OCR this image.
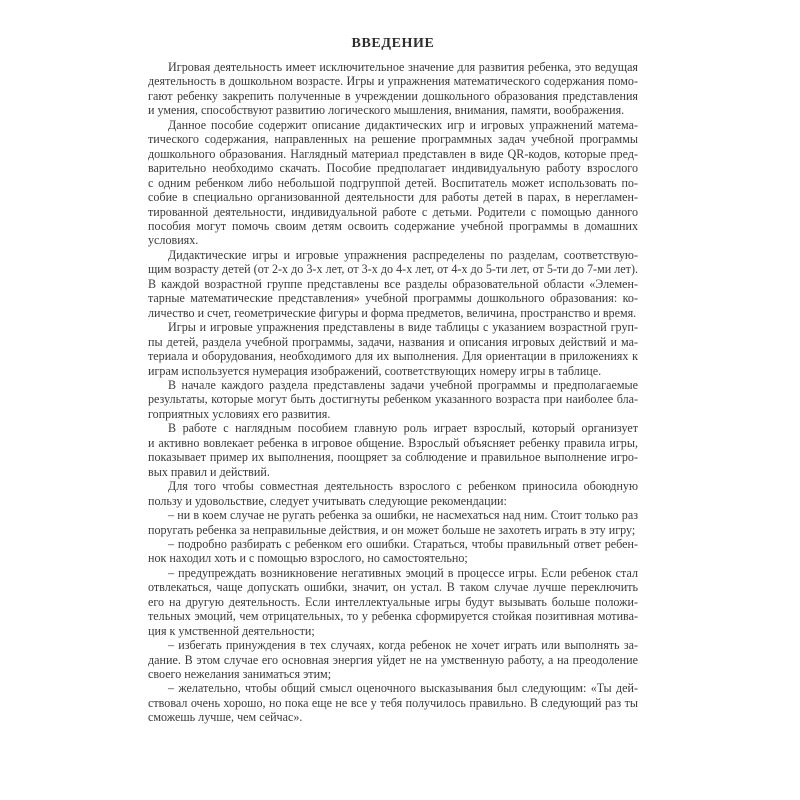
ВВЕДЕНИЕ

Игровая деятельность имеет исключительное значение для развития ребенка, это ведущая
деятельность в дошкольном возрасте. Игры и упражнения математического содержания помо-
гают ребенку закрепить полученные в учреждении дошкольного образования представления
и умения, способствуют развитию логического мышления, внимания, памяти, воображения.

Данное пособие содержит описание дидактических игр и игровых упражнений матема-
тического содержания, направленных на решение программных задач учебной программы
дошкольного образования. Наглядный материал представлен в виде QR-кодов, которые пред-
варительно необходимо скачать. Пособие предполагает индивидуальную работу взрослого
с одним ребенком либо небольшой подгруппой детей. Воспитатель может использовать по-
собие в специально организованной деятельности для работы детей в парах, в нерегламен-
тированной деятельности, индивидуальной работе с детьми. Родители с помощью данного
пособия могут помочь своим детям освоить содержание учебной программы в домашних
условиях.

Дидактические игры и игровые упражнения распределены по разделам, соответствую-
щим возрасту детей (от 2-х до 3-х лет, от 3-х до 4-х лет, от 4-х до 5-ти лет, от 5-ти до 7-ми лет).
В каждой возрастной группе представлены все разделы образовательной области «Элемен-
тарные математические представления» учебной программы дошкольного образования: ко-
личество и счет, геометрические фигуры и форма предметов, величина, пространство и время.

Игры и игровые упражнения представлены в виде таблицы с указанием возрастной груп-
пы детей, раздела учебной программы, задачи, названия и описания игровых действий и ма-
териала и оборудования, необходимого для их выполнения. Для ориентации в приложениях к
играм используется нумерация изображений, соответствующих номеру игры в таблице.

В начале каждого раздела представлены задачи учебной программы и предполагаемые
результаты, которые могут быть достигнуты ребенком указанного возраста при наиболее бла-
гоприятных условиях его развития.

В работе с наглядным пособием главную роль играет взрослый, который организует
и активно вовлекает ребенка в игровое общение. Взрослый объясняет ребенку правила игры,
показывает пример их выполнения, поощряет за соблюдение и правильное выполнение игро-
вых правил и действий.

Для того чтобы совместная деятельность взрослого с ребенком приносила обоюдную
пользу и удовольствие, следует учитывать следующие рекомендации:

– ни в коем случае не ругать ребенка за ошибки, не насмехаться над ним. Стоит только раз
поругать ребенка за неправильные действия, и он может больше не захотеть играть в эту игру;

– подробно разбирать с ребенком его ошибки. Стараться, чтобы правильный ответ ребен-
нок находил хоть и с помощью взрослого, но самостоятельно;

– предупреждать возникновение негативных эмоций в процессе игры. Если ребенок стал
отвлекаться, чаще допускать ошибки, значит, он устал. В таком случае лучше переключить
его на другую деятельность. Если интеллектуальные игры будут вызывать больше положи-
тельных эмоций, чем отрицательных, то у ребенка сформируется стойкая позитивная мотива-
ция к умственной деятельности;

– избегать принуждения в тех случаях, когда ребенок не хочет играть или выполнять за-
дание. В этом случае его основная энергия уйдет не на умственную работу, а на преодоление
своего нежелания заниматься этим;

– желательно, чтобы общий смысл оценочного высказывания был следующим: «Ты дей-
ствовал очень хорошо, но пока еще не все у тебя получилось правильно. В следующий раз ты
сможешь лучше, чем сейчас».
